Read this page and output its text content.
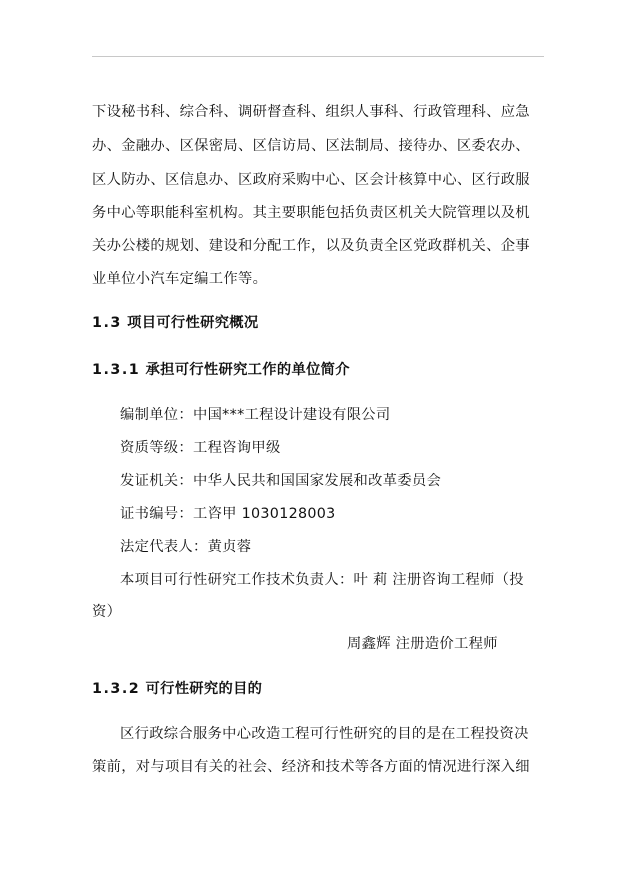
下设秘书科、综合科、调研督查科、组织人事科、行政管理科、应急
办、金融办、区保密局、区信访局、区法制局、接待办、区委农办、
区人防办、区信息办、区政府采购中心、区会计核算中心、区行政服
务中心等职能科室机构。其主要职能包括负责区机关大院管理以及机
关办公楼的规划、建设和分配工作，以及负责全区党政群机关、企事
业单位小汽车定编工作等。
1.3 项目可行性研究概况
1.3.1 承担可行性研究工作的单位简介
编制单位：中国***工程设计建设有限公司
资质等级：工程咨询甲级
发证机关：中华人民共和国国家发展和改革委员会
证书编号：工咨甲 1030128003
法定代表人：黄贞蓉
本项目可行性研究工作技术负责人：叶 莉 注册咨询工程师（投
资）
周鑫辉 注册造价工程师
1.3.2 可行性研究的目的
区行政综合服务中心改造工程可行性研究的目的是在工程投资决
策前，对与项目有关的社会、经济和技术等各方面的情况进行深入细
